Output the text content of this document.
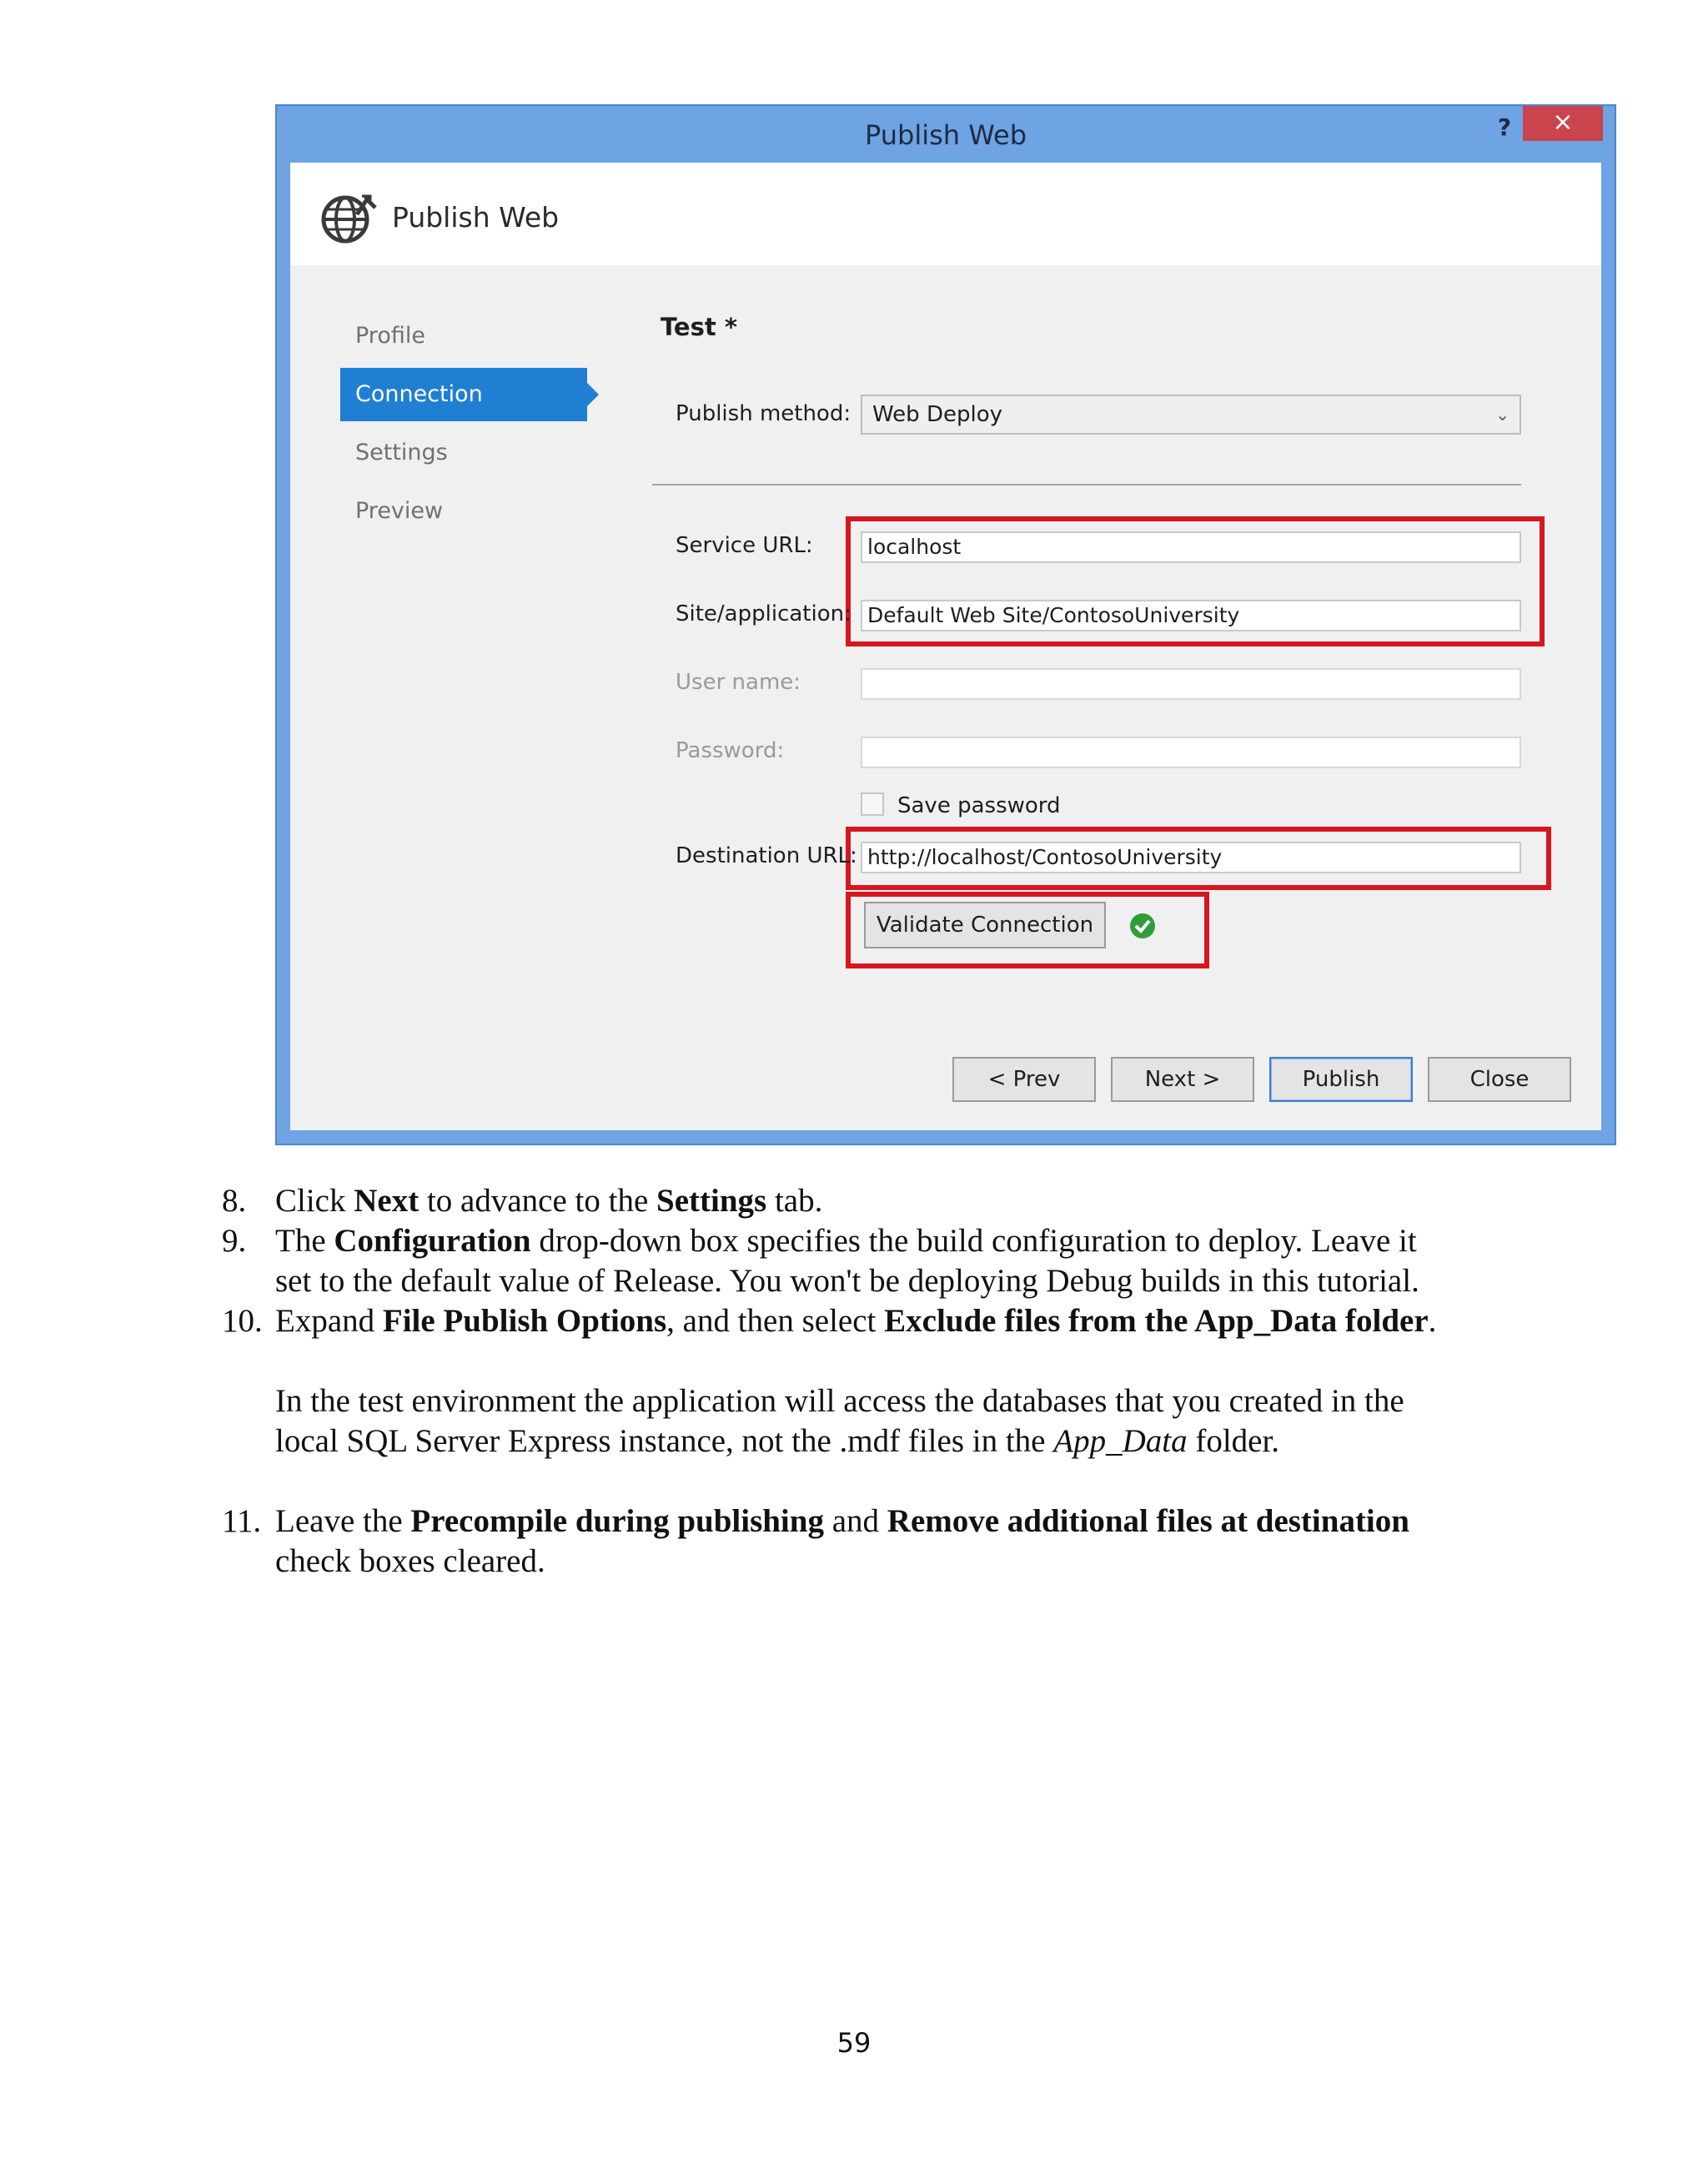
Publish Web	?	×
Publish Web
Profile
Connection
Settings
Preview
Test *
Publish method: Web Deploy	⌄
Service URL:	localhost
Site/application: Default Web Site/ContosoUniversity
User name:
Password:
Save password
Destination URL: http://localhost/ContosoUniversity
Validate Connection
< Prev	Next >	Publish	Close
8. Click Next to advance to the Settings tab.
9. The Configuration drop-down box specifies the build configuration to deploy. Leave it
set to the default value of Release. You won't be deploying Debug builds in this tutorial.
10. Expand File Publish Options, and then select Exclude files from the App_Data folder.
In the test environment the application will access the databases that you created in the
local SQL Server Express instance, not the .mdf files in the App_Data folder.
11. Leave the Precompile during publishing and Remove additional files at destination
check boxes cleared.
59
